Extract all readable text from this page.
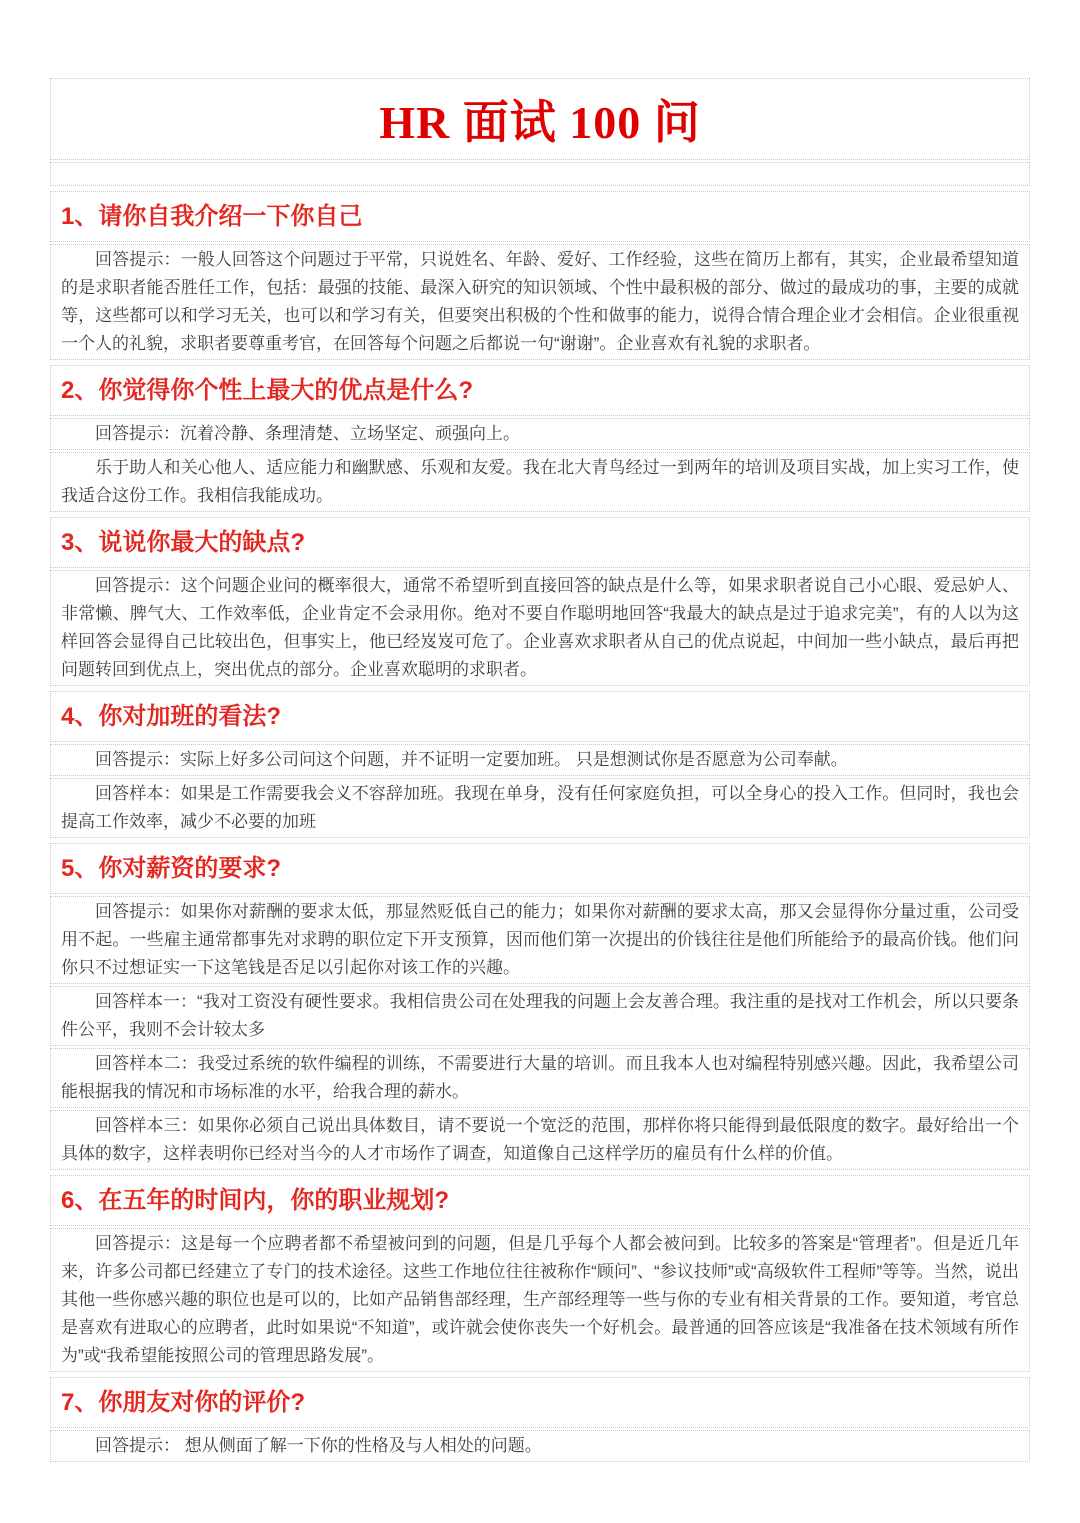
HR 面试 100 问
1、请你自我介绍一下你自己
回答提示：一般人回答这个问题过于平常，只说姓名、年龄、爱好、工作经验，这些在简历上都有，其实，企业最希望知道的是求职者能否胜任工作，包括：最强的技能、最深入研究的知识领域、个性中最积极的部分、做过的最成功的事，主要的成就等，这些都可以和学习无关，也可以和学习有关，但要突出积极的个性和做事的能力，说得合情合理企业才会相信。企业很重视一个人的礼貌，求职者要尊重考官，在回答每个问题之后都说一句“谢谢”。企业喜欢有礼貌的求职者。
2、你觉得你个性上最大的优点是什么?
回答提示：沉着冷静、条理清楚、立场坚定、顽强向上。
乐于助人和关心他人、适应能力和幽默感、乐观和友爱。我在北大青鸟经过一到两年的培训及项目实战，加上实习工作，使我适合这份工作。我相信我能成功。
3、说说你最大的缺点?
回答提示：这个问题企业问的概率很大，通常不希望听到直接回答的缺点是什么等，如果求职者说自己小心眼、爱忌妒人、非常懒、脾气大、工作效率低，企业肯定不会录用你。绝对不要自作聪明地回答“我最大的缺点是过于追求完美”，有的人以为这样回答会显得自己比较出色，但事实上，他已经岌岌可危了。企业喜欢求职者从自己的优点说起，中间加一些小缺点，最后再把问题转回到优点上，突出优点的部分。企业喜欢聪明的求职者。
4、你对加班的看法?
回答提示：实际上好多公司问这个问题，并不证明一定要加班。 只是想测试你是否愿意为公司奉献。
回答样本：如果是工作需要我会义不容辞加班。我现在单身，没有任何家庭负担，可以全身心的投入工作。但同时，我也会提高工作效率，减少不必要的加班
5、你对薪资的要求?
回答提示：如果你对薪酬的要求太低，那显然贬低自己的能力；如果你对薪酬的要求太高，那又会显得你分量过重，公司受用不起。一些雇主通常都事先对求聘的职位定下开支预算，因而他们第一次提出的价钱往往是他们所能给予的最高价钱。他们问你只不过想证实一下这笔钱是否足以引起你对该工作的兴趣。
回答样本一：“我对工资没有硬性要求。我相信贵公司在处理我的问题上会友善合理。我注重的是找对工作机会，所以只要条件公平，我则不会计较太多
回答样本二：我受过系统的软件编程的训练，不需要进行大量的培训。而且我本人也对编程特别感兴趣。因此，我希望公司能根据我的情况和市场标准的水平，给我合理的薪水。
回答样本三：如果你必须自己说出具体数目，请不要说一个宽泛的范围，那样你将只能得到最低限度的数字。最好给出一个具体的数字，这样表明你已经对当今的人才市场作了调查，知道像自己这样学历的雇员有什么样的价值。
6、在五年的时间内，你的职业规划?
回答提示：这是每一个应聘者都不希望被问到的问题，但是几乎每个人都会被问到。比较多的答案是“管理者”。但是近几年来，许多公司都已经建立了专门的技术途径。这些工作地位往往被称作“顾问”、“参议技师”或“高级软件工程师”等等。当然，说出其他一些你感兴趣的职位也是可以的，比如产品销售部经理，生产部经理等一些与你的专业有相关背景的工作。要知道，考官总是喜欢有进取心的应聘者，此时如果说“不知道”，或许就会使你丧失一个好机会。最普通的回答应该是“我准备在技术领域有所作为”或“我希望能按照公司的管理思路发展”。
7、你朋友对你的评价?
回答提示： 想从侧面了解一下你的性格及与人相处的问题。
